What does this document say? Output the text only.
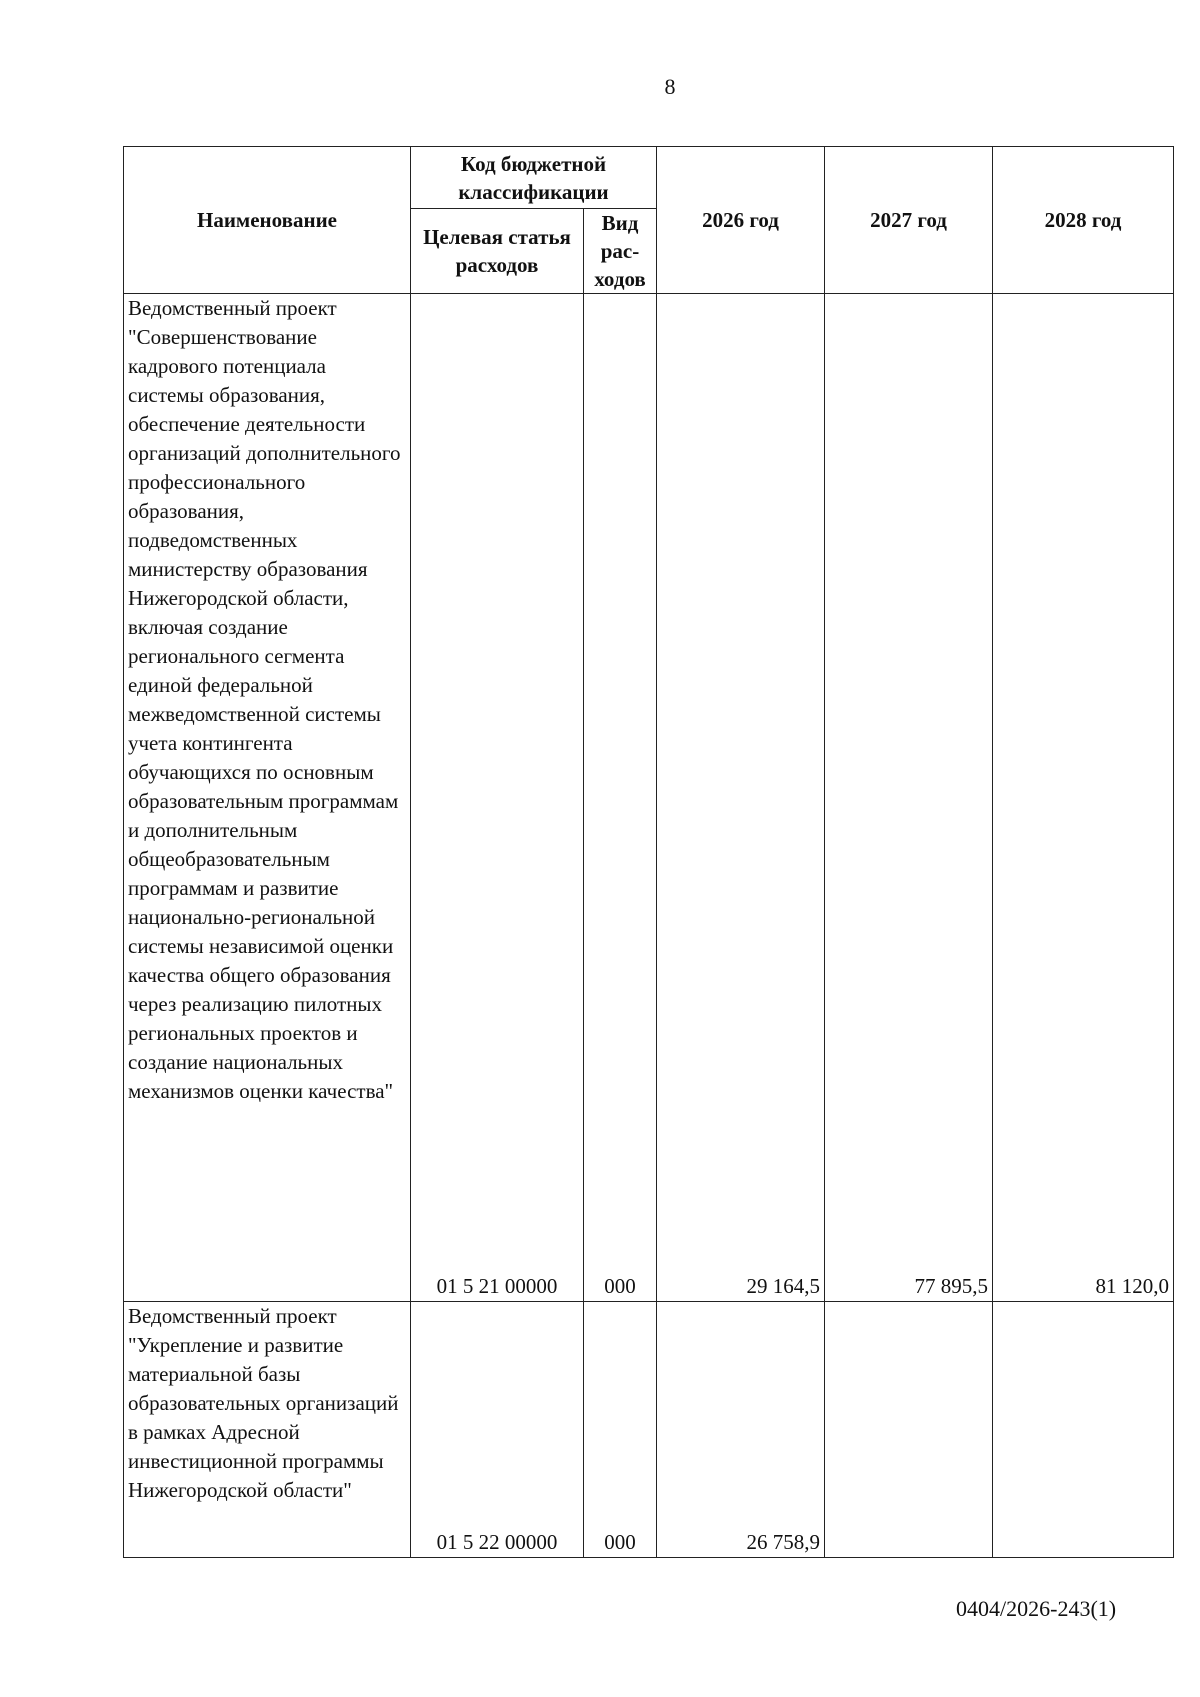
8
Наименование	Код бюджетной классификации		2026 год	2027 год	2028 год
	Целевая статья расходов	Вид рас-ходов			
Ведомственный проект "Совершенствование кадрового потенциала системы образования, обеспечение деятельности организаций дополнительного профессионального образования, подведомственных министерству образования Нижегородской области, включая создание регионального сегмента единой федеральной межведомственной системы учета контингента обучающихся по основным образовательным программам и дополнительным общеобразовательным программам и развитие национально-региональной системы независимой оценки качества общего образования через реализацию пилотных региональных проектов и создание национальных механизмов оценки качества"	01 5 21 00000	000	29 164,5	77 895,5	81 120,0
Ведомственный проект "Укрепление и развитие материальной базы образовательных организаций в рамках Адресной инвестиционной программы Нижегородской области"	01 5 22 00000	000	26 758,9		
0404/2026-243(1)
